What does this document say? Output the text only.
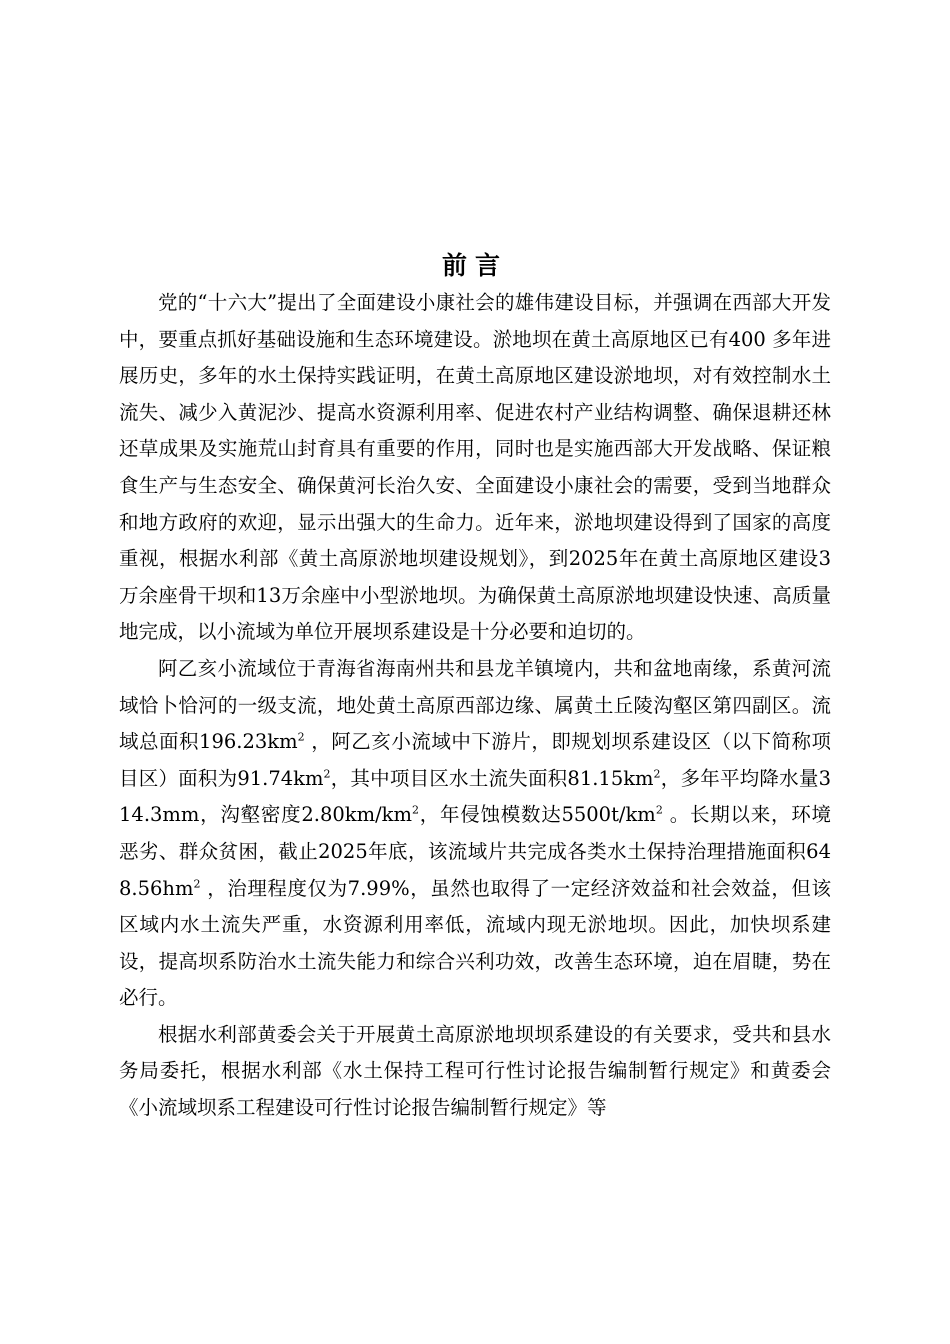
前言

党的“十六大”提出了全面建设小康社会的雄伟建设目标，并强调在西部大开发中，要重点抓好基础设施和生态环境建设。淤地坝在黄土高原地区已有400 多年进展历史，多年的水土保持实践证明，在黄土高原地区建设淤地坝，对有效控制水土流失、减少入黄泥沙、提高水资源利用率、促进农村产业结构调整、确保退耕还林还草成果及实施荒山封育具有重要的作用，同时也是实施西部大开发战略、保证粮食生产与生态安全、确保黄河长治久安、全面建设小康社会的需要，受到当地群众和地方政府的欢迎，显示出强大的生命力。近年来，淤地坝建设得到了国家的高度重视，根据水利部《黄土高原淤地坝建设规划》，到2025年在黄土高原地区建设3 万余座骨干坝和13万余座中小型淤地坝。为确保黄土高原淤地坝建设快速、高质量地完成，以小流域为单位开展坝系建设是十分必要和迫切的。

阿乙亥小流域位于青海省海南州共和县龙羊镇境内，共和盆地南缘，系黄河流域恰卜恰河的一级支流，地处黄土高原西部边缘、属黄土丘陵沟壑区第四副区。流域总面积$196.23km^2$ ，阿乙亥小流域中下游片，即规划坝系建设区（以下简称项目区）面积为$91.74km^2$，其中项目区水土流失面积$81.15km^2$，多年平均降水量314.3mm，沟壑密度$2.80km/km^2$，年侵蚀模数达$5500t/km^2$ 。长期以来，环境恶劣、群众贫困，截止2025年底，该流域片共完成各类水土保持治理措施面积$648.56hm^2$ ，治理程度仅为7.99%，虽然也取得了一定经济效益和社会效益，但该区域内水土流失严重，水资源利用率低，流域内现无淤地坝。因此，加快坝系建设，提高坝系防治水土流失能力和综合兴利功效，改善生态环境，迫在眉睫，势在必行。

根据水利部黄委会关于开展黄土高原淤地坝坝系建设的有关要求，受共和县水务局委托，根据水利部《水土保持工程可行性讨论报告编制暂行规定》和黄委会《小流域坝系工程建设可行性讨论报告编制暂行规定》等
